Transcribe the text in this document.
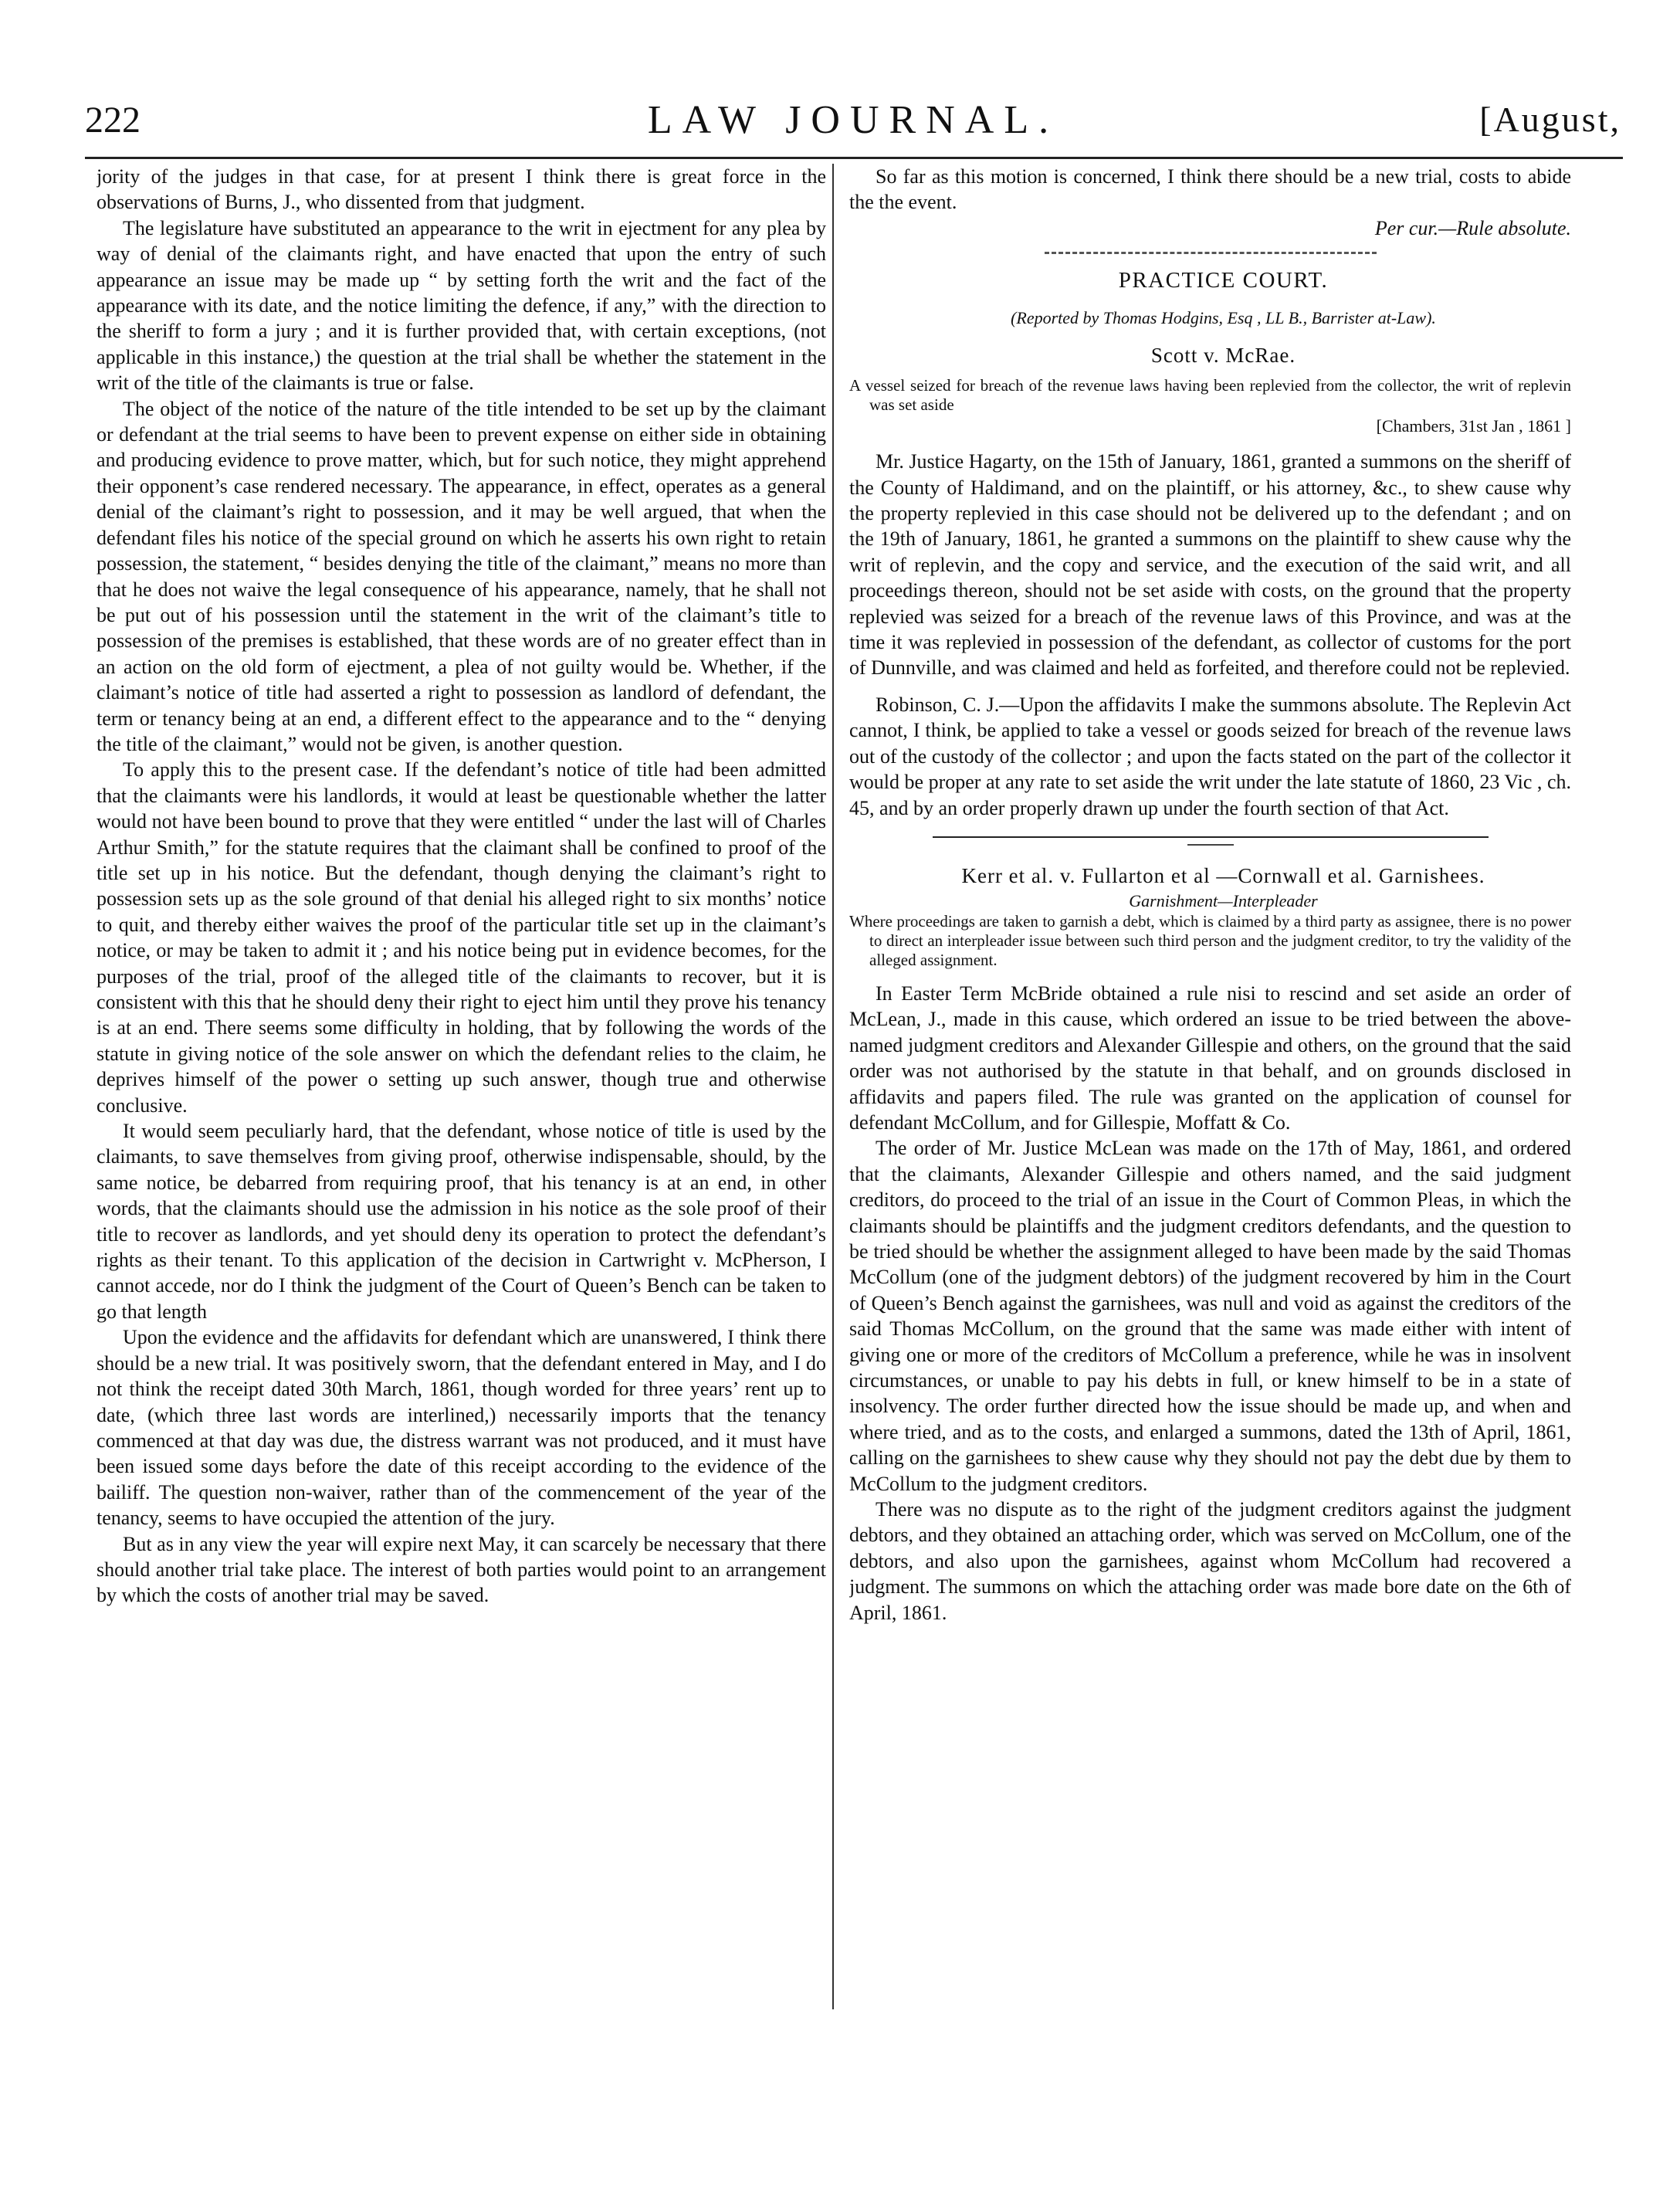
222	LAW JOURNAL.	[August,

jority of the judges in that case, for at present I think there is great force in the observations of Burns, J., who dissented from that judgment.

The legislature have substituted an appearance to the writ in ejectment for any plea by way of denial of the claimants right, and have enacted that upon the entry of such appearance an issue may be made up “ by setting forth the writ and the fact of the appearance with its date, and the notice limiting the defence, if any,” with the direction to the sheriff to form a jury ; and it is further provided that, with certain exceptions, (not applicable in this instance,) the question at the trial shall be whether the statement in the writ of the title of the claimants is true or false.

The object of the notice of the nature of the title intended to be set up by the claimant or defendant at the trial seems to have been to prevent expense on either side in obtaining and producing evidence to prove matter, which, but for such notice, they might apprehend their opponent’s case rendered necessary. The appearance, in effect, operates as a general denial of the claimant’s right to possession, and it may be well argued, that when the defendant files his notice of the special ground on which he asserts his own right to retain possession, the statement, “ besides denying the title of the claimant,” means no more than that he does not waive the legal consequence of his appearance, namely, that he shall not be put out of his possession until the statement in the writ of the claimant’s title to possession of the premises is established, that these words are of no greater effect than in an action on the old form of ejectment, a plea of not guilty would be. Whether, if the claimant’s notice of title had asserted a right to possession as landlord of defendant, the term or tenancy being at an end, a different effect to the appearance and to the “ denying the title of the claimant,” would not be given, is another question.

To apply this to the present case. If the defendant’s notice of title had been admitted that the claimants were his landlords, it would at least be questionable whether the latter would not have been bound to prove that they were entitled “ under the last will of Charles Arthur Smith,” for the statute requires that the claimant shall be confined to proof of the title set up in his notice. But the defendant, though denying the claimant’s right to possession sets up as the sole ground of that denial his alleged right to six months’ notice to quit, and thereby either waives the proof of the particular title set up in the claimant’s notice, or may be taken to admit it ; and his notice being put in evidence becomes, for the purposes of the trial, proof of the alleged title of the claimants to recover, but it is consistent with this that he should deny their right to eject him until they prove his tenancy is at an end. There seems some difficulty in holding, that by following the words of the statute in giving notice of the sole answer on which the defendant relies to the claim, he deprives himself of the power o setting up such answer, though true and otherwise conclusive.

It would seem peculiarly hard, that the defendant, whose notice of title is used by the claimants, to save themselves from giving proof, otherwise indispensable, should, by the same notice, be debarred from requiring proof, that his tenancy is at an end, in other words, that the claimants should use the admission in his notice as the sole proof of their title to recover as landlords, and yet should deny its operation to protect the defendant’s rights as their tenant. To this application of the decision in Cartwright v. McPherson, I cannot accede, nor do I think the judgment of the Court of Queen’s Bench can be taken to go that length

Upon the evidence and the affidavits for defendant which are unanswered, I think there should be a new trial. It was positively sworn, that the defendant entered in May, and I do not think the receipt dated 30th March, 1861, though worded for three years’ rent up to date, (which three last words are interlined,) necessarily imports that the tenancy commenced at that day was due, the distress warrant was not produced, and it must have been issued some days before the date of this receipt according to the evidence of the bailiff. The question non-waiver, rather than of the commencement of the year of the tenancy, seems to have occupied the attention of the jury.

But as in any view the year will expire next May, it can scarcely be necessary that there should another trial take place. The interest of both parties would point to an arrangement by which the costs of another trial may be saved.

So far as this motion is concerned, I think there should be a new trial, costs to abide the the event.

Per cur.—Rule absolute.

PRACTICE COURT.

(Reported by Thomas Hodgins, Esq , LL B., Barrister at-Law).

Scott v. McRae.

A vessel seized for breach of the revenue laws having been replevied from the collector, the writ of replevin was set aside

[Chambers, 31st Jan , 1861 ]

Mr. Justice Hagarty, on the 15th of January, 1861, granted a summons on the sheriff of the County of Haldimand, and on the plaintiff, or his attorney, &c., to shew cause why the property replevied in this case should not be delivered up to the defendant ; and on the 19th of January, 1861, he granted a summons on the plaintiff to shew cause why the writ of replevin, and the copy and service, and the execution of the said writ, and all proceedings thereon, should not be set aside with costs, on the ground that the property replevied was seized for a breach of the revenue laws of this Province, and was at the time it was replevied in possession of the defendant, as collector of customs for the port of Dunnville, and was claimed and held as forfeited, and therefore could not be replevied.

Robinson, C. J.—Upon the affidavits I make the summons absolute. The Replevin Act cannot, I think, be applied to take a vessel or goods seized for breach of the revenue laws out of the custody of the collector ; and upon the facts stated on the part of the collector it would be proper at any rate to set aside the writ under the late statute of 1860, 23 Vic , ch. 45, and by an order properly drawn up under the fourth section of that Act.

Kerr et al. v. Fullarton et al —Cornwall et al. Garnishees.

Garnishment—Interpleader

Where proceedings are taken to garnish a debt, which is claimed by a third party as assignee, there is no power to direct an interpleader issue between such third person and the judgment creditor, to try the validity of the alleged assignment.

In Easter Term McBride obtained a rule nisi to rescind and set aside an order of McLean, J., made in this cause, which ordered an issue to be tried between the above-named judgment creditors and Alexander Gillespie and others, on the ground that the said order was not authorised by the statute in that behalf, and on grounds disclosed in affidavits and papers filed. The rule was granted on the application of counsel for defendant McCollum, and for Gillespie, Moffatt & Co.

The order of Mr. Justice McLean was made on the 17th of May, 1861, and ordered that the claimants, Alexander Gillespie and others named, and the said judgment creditors, do proceed to the trial of an issue in the Court of Common Pleas, in which the claimants should be plaintiffs and the judgment creditors defendants, and the question to be tried should be whether the assignment alleged to have been made by the said Thomas McCollum (one of the judgment debtors) of the judgment recovered by him in the Court of Queen’s Bench against the garnishees, was null and void as against the creditors of the said Thomas McCollum, on the ground that the same was made either with intent of giving one or more of the creditors of McCollum a preference, while he was in insolvent circumstances, or unable to pay his debts in full, or knew himself to be in a state of insolvency. The order further directed how the issue should be made up, and when and where tried, and as to the costs, and enlarged a summons, dated the 13th of April, 1861, calling on the garnishees to shew cause why they should not pay the debt due by them to McCollum to the judgment creditors.

There was no dispute as to the right of the judgment creditors against the judgment debtors, and they obtained an attaching order, which was served on McCollum, one of the debtors, and also upon the garnishees, against whom McCollum had recovered a judgment. The summons on which the attaching order was made bore date on the 6th of April, 1861.
